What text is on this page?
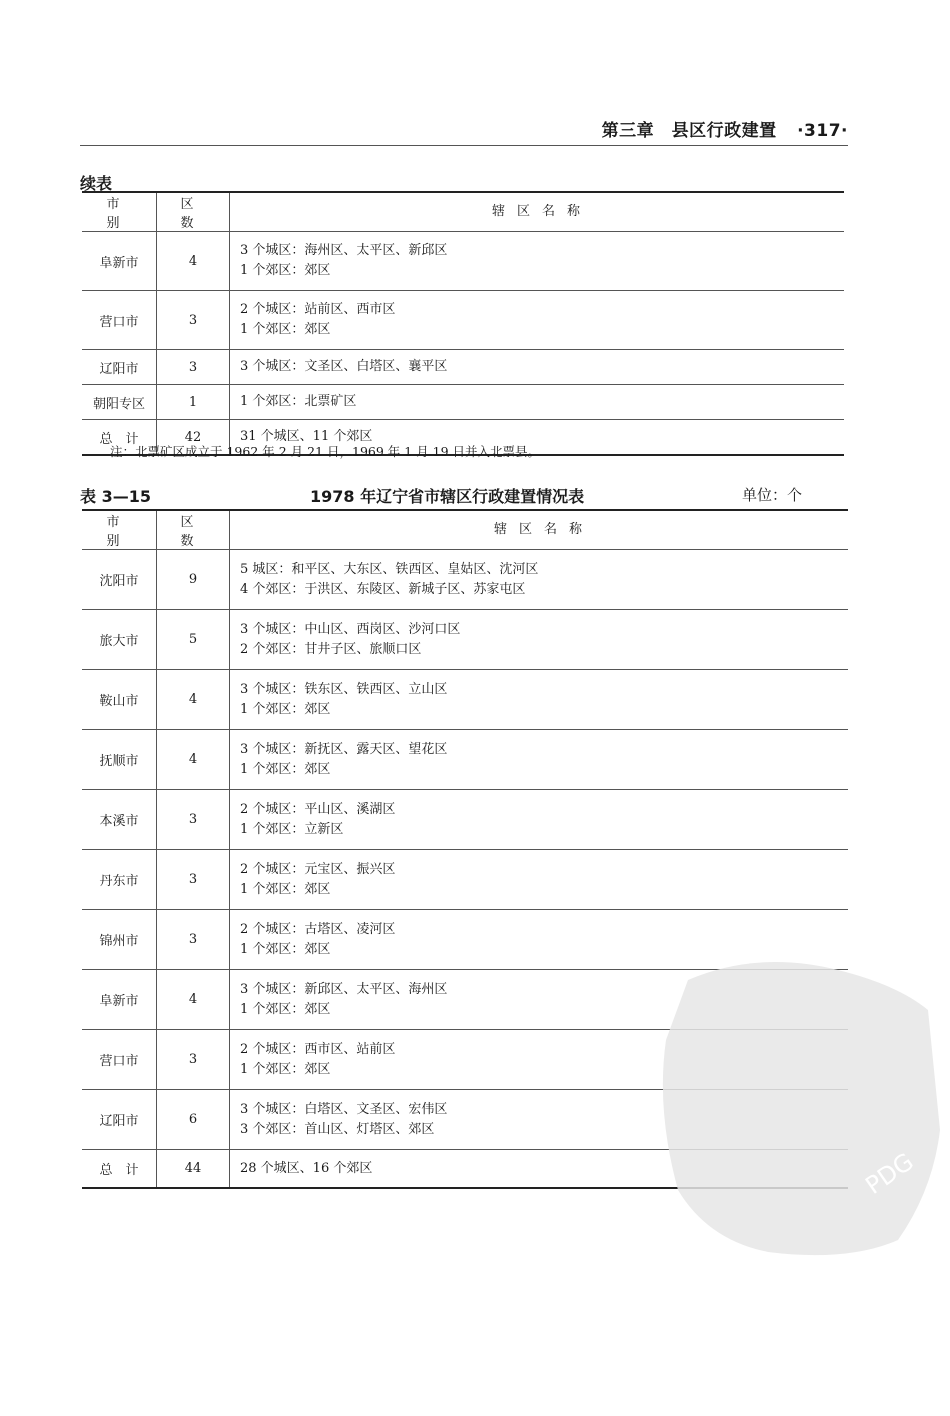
第三章　县区行政建置 ·317·
续表
市　别	区　数	辖区名称
阜新市	4	3 个城区：海州区、太平区、新邱区
1 个郊区：郊区

营口市	3	2 个城区：站前区、西市区
1 个郊区：郊区

辽阳市	3	3 个城区：文圣区、白塔区、襄平区

朝阳专区	1	1 个郊区：北票矿区

总　计	42	31 个城区、11 个郊区
注：北票矿区成立于 1962 年 2 月 21 日，1969 年 1 月 19 日并入北票县。
表 3—15	1978 年辽宁省市辖区行政建置情况表	单位：个
市　别	区　数	辖区名称
沈阳市	9	5 城区：和平区、大东区、铁西区、皇姑区、沈河区
4 个郊区：于洪区、东陵区、新城子区、苏家屯区

旅大市	5	3 个城区：中山区、西岗区、沙河口区
2 个郊区：甘井子区、旅顺口区

鞍山市	4	3 个城区：铁东区、铁西区、立山区
1 个郊区：郊区

抚顺市	4	3 个城区：新抚区、露天区、望花区
1 个郊区：郊区

本溪市	3	2 个城区：平山区、溪湖区
1 个郊区：立新区

丹东市	3	2 个城区：元宝区、振兴区
1 个郊区：郊区

锦州市	3	2 个城区：古塔区、凌河区
1 个郊区：郊区

阜新市	4	3 个城区：新邱区、太平区、海州区
1 个郊区：郊区

营口市	3	2 个城区：西市区、站前区
1 个郊区：郊区

辽阳市	6	3 个城区：白塔区、文圣区、宏伟区
3 个郊区：首山区、灯塔区、郊区

总　计	44	28 个城区、16 个郊区	PDG
